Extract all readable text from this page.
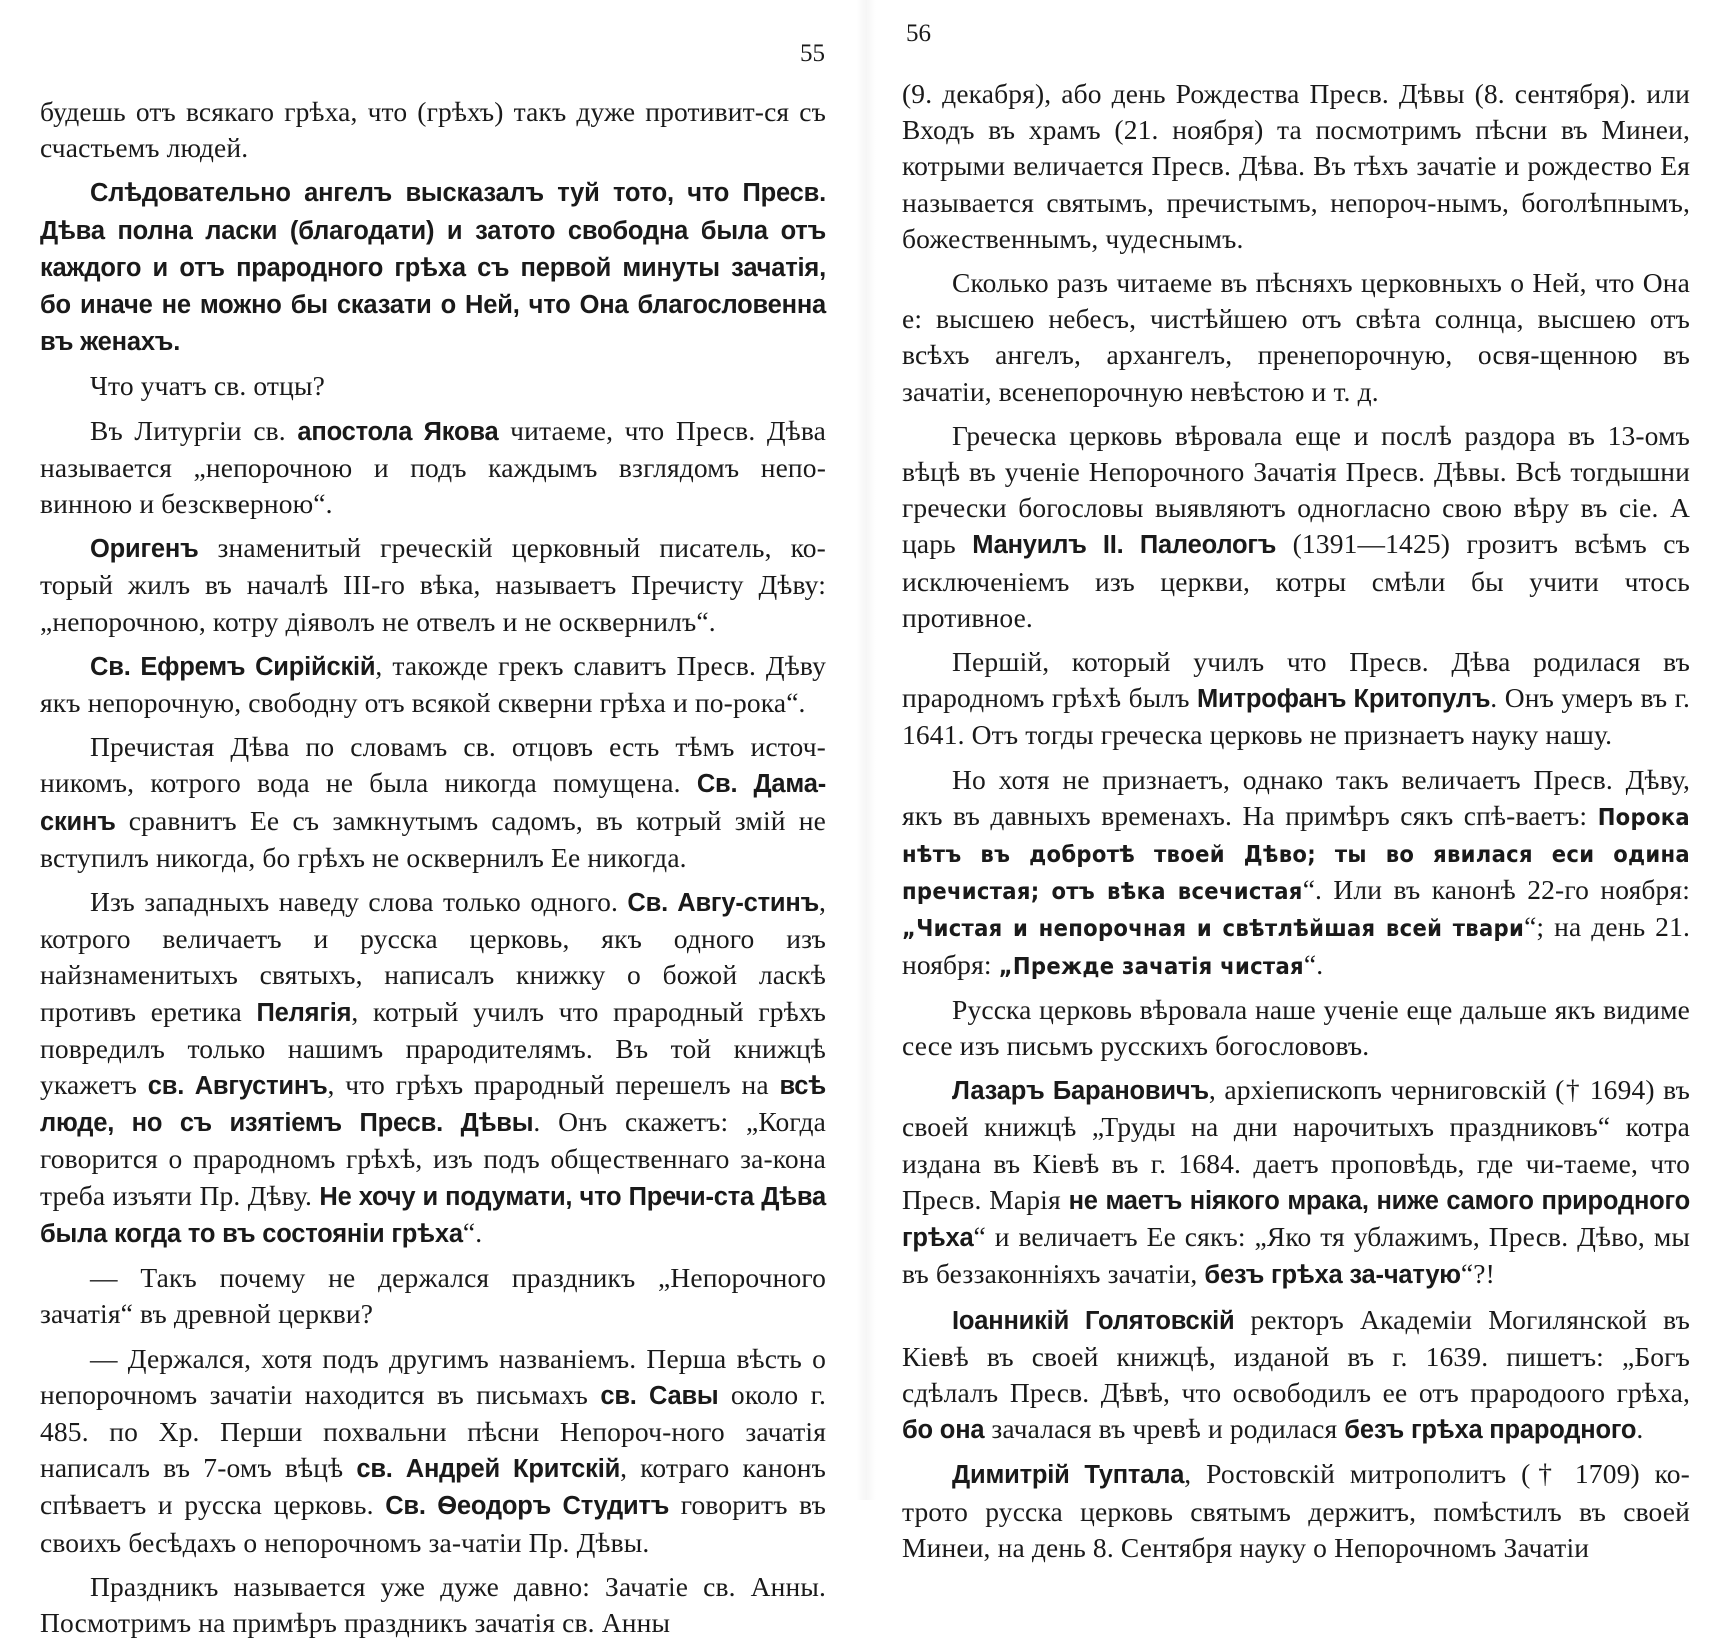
55

будешь отъ всякаго грѣха, что (грѣхъ) такъ дуже противит-ся съ счастьемъ людей.

Слѣдовательно ангелъ высказалъ туй тото, что Пресв. Дѣва полна ласки (благодати) и затото свободна была отъ каждого и отъ прародного грѣха съ первой минуты зачатія, бо иначе не можно бы сказати о Ней, что Она благословенна въ женахъ.

Что учатъ св. отцы?

Въ Литургіи св. апостола Якова читаеме, что Пресв. Дѣва называется „непорочною и подъ каждымъ взглядомъ непо-винною и безскверною“.

Оригенъ знаменитый греческій церковный писатель, ко-торый жилъ въ началѣ ІІІ-го вѣка, называетъ Пречисту Дѣву: „непорочною, котру діяволъ не отвелъ и не осквернилъ“.

Св. Ефремъ Сирійскій, такожде грекъ славитъ Пресв. Дѣву якъ непорочную, свободну отъ всякой скверни грѣха и по-рока“.

Пречистая Дѣва по словамъ св. отцовъ есть тѣмъ источ-никомъ, котрого вода не была никогда помущена. Св. Дама-скинъ сравнитъ Ее съ замкнутымъ садомъ, въ котрый змій не вступилъ никогда, бо грѣхъ не осквернилъ Ее никогда.

Изъ западныхъ наведу слова только одного. Св. Авгу-стинъ, котрого величаетъ и русска церковь, якъ одного изъ найзнаменитыхъ святыхъ, написалъ книжку о божой ласкѣ противъ еретика Пелягія, котрый училъ что прародный грѣхъ повредилъ только нашимъ прародителямъ. Въ той книжцѣ укажетъ св. Августинъ, что грѣхъ прародный перешелъ на всѣ люде, но съ изятіемъ Пресв. Дѣвы. Онъ скажетъ: „Когда говорится о прародномъ грѣхѣ, изъ подъ общественнаго за-кона треба изъяти Пр. Дѣву. Не хочу и подумати, что Пречи-ста Дѣва была когда то въ состояніи грѣха“.

— Такъ почему не держался праздникъ „Непорочного зачатія“ въ древной церкви?

— Держался, хотя подъ другимъ названіемъ. Перша вѣсть о непорочномъ зачатіи находится въ письмахъ св. Савы около г. 485. по Хр. Перши похвальни пѣсни Непороч-ного зачатія написалъ въ 7-омъ вѣцѣ св. Андрей Критскій, котраго канонъ спѣваетъ и русска церковь. Св. Ѳеодоръ Студитъ говоритъ въ своихъ бесѣдахъ о непорочномъ за-чатіи Пр. Дѣвы.

Праздникъ называется уже дуже давно: Зачатіе св. Анны. Посмотримъ на примѣръ праздникъ зачатія св. Анны

56

(9. декабря), або день Рождества Пресв. Дѣвы (8. сентября). или Входъ въ храмъ (21. ноября) та посмотримъ пѣсни въ Минеи, котрыми величается Пресв. Дѣва. Въ тѣхъ зачатіе и рождество Ея называется святымъ, пречистымъ, непороч-нымъ, боголѣпнымъ, божественнымъ, чудеснымъ.

Сколько разъ читаеме въ пѣсняхъ церковныхъ о Ней, что Она е: высшею небесъ, чистѣйшею отъ свѣта солнца, высшею отъ всѣхъ ангелъ, архангелъ, пренепорочную, освя-щенною въ зачатіи, всенепорочную невѣстою и т. д.

Греческа церковь вѣровала еще и послѣ раздора въ 13-омъ вѣцѣ въ ученіе Непорочного Зачатія Пресв. Дѣвы. Всѣ тогдышни гречески богословы выявляютъ одногласно свою вѣру въ сіе. А царь Мануилъ II. Палеологъ (1391—1425) грозитъ всѣмъ съ исключеніемъ изъ церкви, котры смѣли бы учити чтось противное.

Першій, который училъ что Пресв. Дѣва родилася въ прародномъ грѣхѣ былъ Митрофанъ Критопулъ. Онъ умеръ въ г. 1641. Отъ тогды греческа церковь не признаетъ науку нашу.

Но хотя не признаетъ, однако такъ величаетъ Пресв. Дѣву, якъ въ давныхъ временахъ. На примѣръ сякъ спѣ-ваетъ: Порока нѣтъ въ добротѣ твоей Дѣво; ты во явилася еси одина пречистая; отъ вѣка всечистая“. Или въ канонѣ 22-го ноября: „Чистая и непорочная и свѣтлѣйшая всей твари“; на день 21. ноября: „Прежде зачатія чистая“.

Русска церковь вѣровала наше ученіе еще дальше якъ видиме сесе изъ письмъ русскихъ богослововъ.

Лазаръ Барановичъ, архіепископъ черниговскій († 1694) въ своей книжцѣ „Труды на дни нарочитыхъ праздниковъ“ котра издана въ Кіевѣ въ г. 1684. даетъ проповѣдь, где чи-таеме, что Пресв. Марія не маетъ ніякого мрака, ниже самого природного грѣха“ и величаетъ Ее сякъ: „Яко тя ублажимъ, Пресв. Дѣво, мы въ беззаконніяхъ зачатіи, безъ грѣха за-чатую“?!

Іоанникій Голятовскій ректоръ Академіи Могилянской въ Кіевѣ въ своей книжцѣ, изданой въ г. 1639. пишетъ: „Богъ сдѣлалъ Пресв. Дѣвѣ, что освободилъ ее отъ прародоого грѣха, бо она зачалася въ чревѣ и родилася безъ грѣха прародного.

Димитрій Туптала, Ростовскій митрополитъ († 1709) ко-тротo русска церковь святымъ держитъ, помѣстилъ въ своей Минеи, на день 8. Сентября науку о Непорочномъ Зачатіи
